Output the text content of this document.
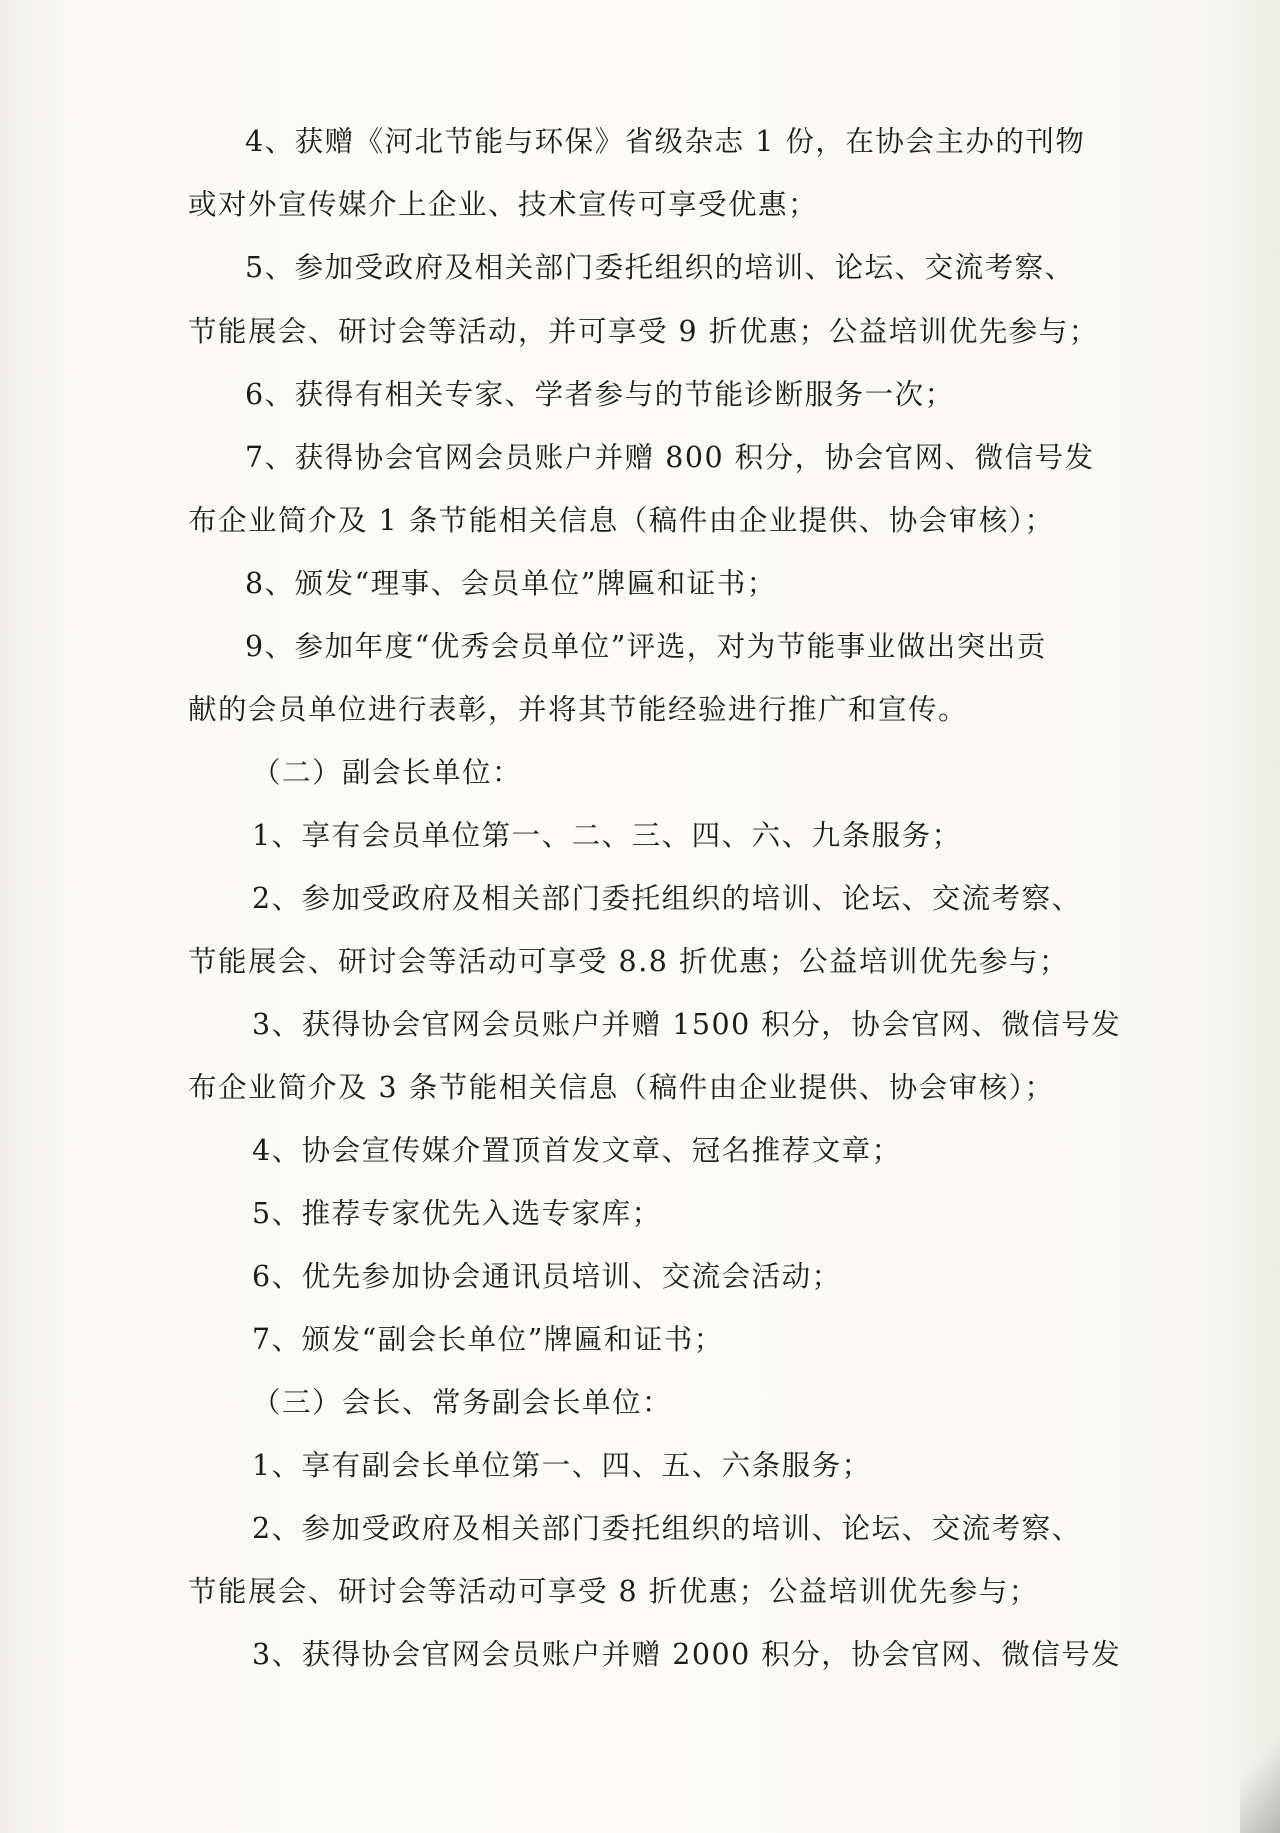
4、获赠《河北节能与环保》省级杂志 1 份，在协会主办的刊物
或对外宣传媒介上企业、技术宣传可享受优惠；
5、参加受政府及相关部门委托组织的培训、论坛、交流考察、
节能展会、研讨会等活动，并可享受 9 折优惠；公益培训优先参与；
6、获得有相关专家、学者参与的节能诊断服务一次；
7、获得协会官网会员账户并赠 800 积分，协会官网、微信号发
布企业简介及 1 条节能相关信息（稿件由企业提供、协会审核）；
8、颁发“理事、会员单位”牌匾和证书；
9、参加年度“优秀会员单位”评选，对为节能事业做出突出贡
献的会员单位进行表彰，并将其节能经验进行推广和宣传。
（二）副会长单位：
1、享有会员单位第一、二、三、四、六、九条服务；
2、参加受政府及相关部门委托组织的培训、论坛、交流考察、
节能展会、研讨会等活动可享受 8.8 折优惠；公益培训优先参与；
3、获得协会官网会员账户并赠 1500 积分，协会官网、微信号发
布企业简介及 3 条节能相关信息（稿件由企业提供、协会审核）；
4、协会宣传媒介置顶首发文章、冠名推荐文章；
5、推荐专家优先入选专家库；
6、优先参加协会通讯员培训、交流会活动；
7、颁发“副会长单位”牌匾和证书；
（三）会长、常务副会长单位：
1、享有副会长单位第一、四、五、六条服务；
2、参加受政府及相关部门委托组织的培训、论坛、交流考察、
节能展会、研讨会等活动可享受 8 折优惠；公益培训优先参与；
3、获得协会官网会员账户并赠 2000 积分，协会官网、微信号发
